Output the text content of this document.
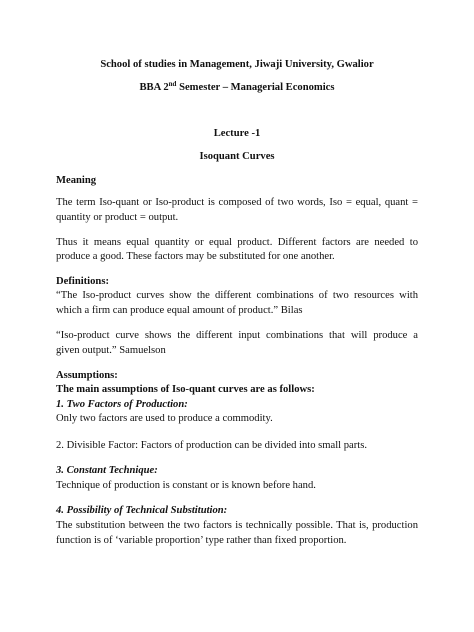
School of studies in Management, Jiwaji University, Gwalior
BBA 2nd Semester – Managerial Economics
Lecture -1
Isoquant Curves
Meaning
The term Iso-quant or Iso-product is composed of two words, Iso = equal, quant =
quantity or product = output.
Thus it means equal quantity or equal product. Different factors are needed to
produce a good. These factors may be substituted for one another.
Definitions:
“The Iso-product curves show the different combinations of two resources with
which a firm can produce equal amount of product.” Bilas
“Iso-product curve shows the different input combinations that will produce a
given output.” Samuelson
Assumptions:
The main assumptions of Iso-quant curves are as follows:
1. Two Factors of Production:
Only two factors are used to produce a commodity.
2. Divisible Factor: Factors of production can be divided into small parts.
3. Constant Technique:
Technique of production is constant or is known before hand.
4. Possibility of Technical Substitution:
The substitution between the two factors is technically possible. That is, production
function is of ‘variable proportion’ type rather than fixed proportion.
